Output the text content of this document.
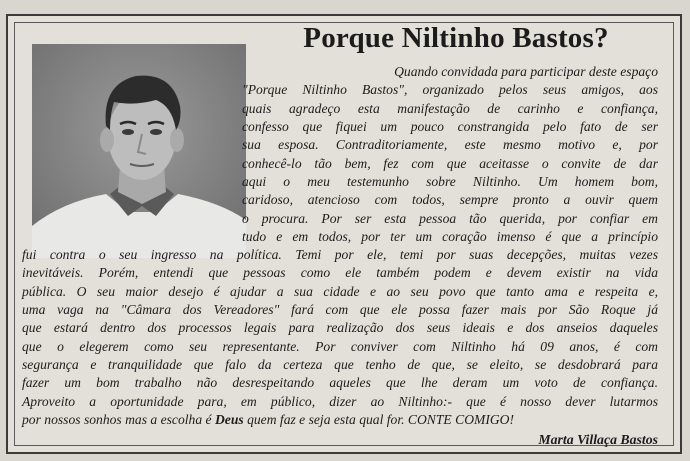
Porque Niltinho Bastos?
Quando convidada para participar deste espaço
"Porque Niltinho Bastos", organizado pelos seus amigos, aos
quais agradeço esta manifestação de carinho e confiança,
confesso que fiquei um pouco constrangida pelo fato de ser
sua esposa. Contraditoriamente, este mesmo motivo e, por
conhecê-lo tão bem, fez com que aceitasse o convite de dar
aqui o meu testemunho sobre Niltinho. Um homem bom,
caridoso, atencioso com todos, sempre pronto a ouvir quem
o procura. Por ser esta pessoa tão querida, por confiar em
tudo e em todos, por ter um coração imenso é que a princípio
fui contra o seu ingresso na política. Temi por ele, temi por suas decepções, muitas vezes
inevitáveis. Porém, entendi que pessoas como ele também podem e devem existir na vida
pública. O seu maior desejo é ajudar a sua cidade e ao seu povo que tanto ama e respeita e,
uma vaga na "Câmara dos Vereadores" fará com que ele possa fazer mais por São Roque já
que estará dentro dos processos legais para realização dos seus ideais e dos anseios daqueles
que o elegerem como seu representante. Por conviver com Niltinho há 09 anos, é com
segurança e tranquilidade que falo da certeza que tenho de que, se eleito, se desdobrará para
fazer um bom trabalho não desrespeitando aqueles que lhe deram um voto de confiança.
Aproveito a oportunidade para, em público, dizer ao Niltinho:- que é nosso dever lutarmos
por nossos sonhos mas a escolha é Deus quem faz e seja esta qual for. CONTE COMIGO!
Marta Villaça Bastos
